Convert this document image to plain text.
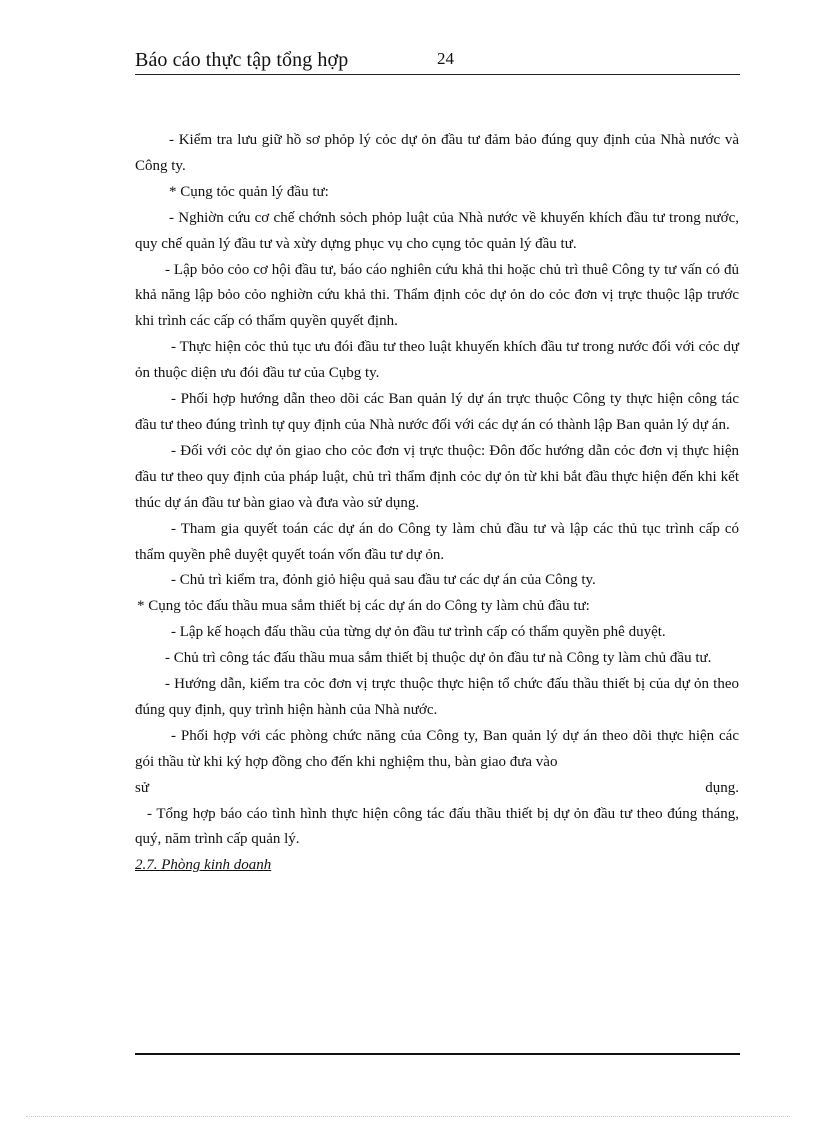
Báo cáo thực tập tổng hợp	24

- Kiểm tra lưu giữ hồ sơ phỏp lý cỏc dự ỏn đầu tư đảm bảo đúng quy định của Nhà nước và Công ty.

* Cụng tỏc quản lý đầu tư:

- Nghiờn cứu cơ chế chớnh sỏch phỏp luật của Nhà nước về khuyến khích đầu tư trong nước, quy chế quản lý đầu tư và xừy dựng phục vụ cho cụng tỏc quản lý đầu tư.

- Lập bỏo cỏo cơ hội đầu tư, báo cáo nghiên cứu khả thi hoặc chủ trì thuê Công ty tư vấn có đủ khả năng lập bỏo cỏo nghiờn cứu khả thi. Thẩm định cỏc dự ỏn do cỏc đơn vị trực thuộc lập trước khi trình các cấp có thẩm quyền quyết định.

- Thực hiện cỏc thủ tục ưu đói đầu tư theo luật khuyến khích đầu tư trong nước đối với cỏc dự ỏn thuộc diện ưu đói đầu tư của Cụbg ty.

- Phối hợp hướng dẫn theo dõi các Ban quản lý dự án trực thuộc Công ty thực hiện công tác đầu tư theo đúng trình tự quy định của Nhà nước đối với các dự án có thành lập Ban quản lý dự án.

- Đối với cỏc dự ỏn giao cho cỏc đơn vị trực thuộc: Đôn đốc hướng dẫn cỏc đơn vị thực hiện đầu tư theo quy định của pháp luật, chủ trì thẩm định cỏc dự ỏn từ khi bắt đầu thực hiện đến khi kết thúc dự án đầu tư bàn giao và đưa vào sử dụng.

- Tham gia quyết toán các dự án do Công ty làm chủ đầu tư và lập các thủ tục trình cấp có thẩm quyền phê duyệt quyết toán vốn đầu tư dự ỏn.

- Chủ trì kiểm tra, đỏnh giỏ hiệu quả sau đầu tư các dự án của Công ty.

* Cụng tỏc đấu thầu mua sắm thiết bị các dự án do Công ty làm chủ đầu tư:

- Lập kế hoạch đấu thầu của từng dự ỏn đầu tư trình cấp có thẩm quyền phê duyệt.

- Chủ trì công tác đấu thầu mua sắm thiết bị thuộc dự ỏn đầu tư nà Công ty làm chủ đầu tư.

- Hướng dẫn, kiểm tra cỏc đơn vị trực thuộc thực hiện tổ chức đấu thầu thiết bị của dự ỏn theo đúng quy định, quy trình hiện hành của Nhà nước.

- Phối hợp với các phòng chức năng của Công ty, Ban quản lý dự án theo dõi thực hiện các gói thầu từ khi ký hợp đồng cho đến khi nghiệm thu, bàn giao đưa vào

sử	dụng.

- Tổng hợp báo cáo tình hình thực hiện công tác đấu thầu thiết bị dự ỏn đầu tư theo đúng tháng, quý, năm trình cấp quản lý.

2.7. Phòng kinh doanh
